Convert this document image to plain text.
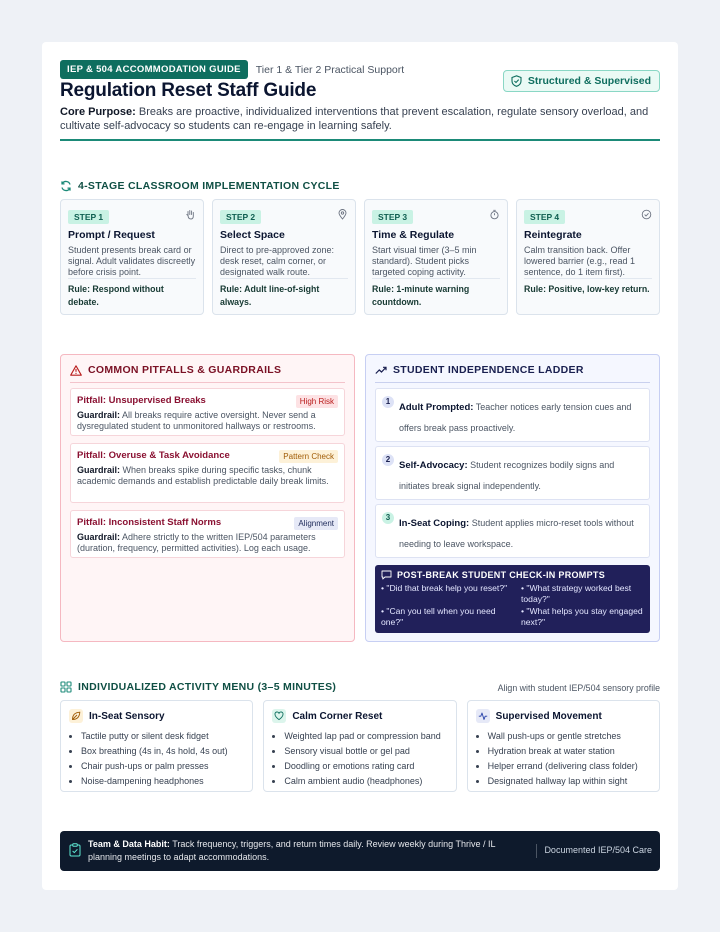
IEP & 504 ACCOMMODATION GUIDE	Tier 1 & Tier 2 Practical Support
Structured & Supervised
Regulation Reset Staff Guide
Core Purpose: Breaks are proactive, individualized interventions that prevent escalation, regulate sensory overload, and cultivate self-advocacy so students can re-engage in learning safely.
4-STAGE CLASSROOM IMPLEMENTATION CYCLE
STEP 1
Prompt / Request
Student presents break card or signal. Adult validates discreetly before crisis point.
Rule: Respond without debate.
STEP 2
Select Space
Direct to pre-approved zone: desk reset, calm corner, or designated walk route.
Rule: Adult line-of-sight always.
STEP 3
Time & Regulate
Start visual timer (3–5 min standard). Student picks targeted coping activity.
Rule: 1-minute warning countdown.
STEP 4
Reintegrate
Calm transition back. Offer lowered barrier (e.g., read 1 sentence, do 1 item first).
Rule: Positive, low-key return.
COMMON PITFALLS & GUARDRAILS
Pitfall: Unsupervised Breaks	High Risk
Guardrail: All breaks require active oversight. Never send a dysregulated student to unmonitored hallways or restrooms.
Pitfall: Overuse & Task Avoidance	Pattern Check
Guardrail: When breaks spike during specific tasks, chunk academic demands and establish predictable daily break limits.
Pitfall: Inconsistent Staff Norms	Alignment
Guardrail: Adhere strictly to the written IEP/504 parameters (duration, frequency, permitted activities). Log each usage.
STUDENT INDEPENDENCE LADDER
1
Adult Prompted: Teacher notices early tension cues and offers break pass proactively.
2
Self-Advocacy: Student recognizes bodily signs and initiates break signal independently.
3
In-Seat Coping: Student applies micro-reset tools without needing to leave workspace.
POST-BREAK STUDENT CHECK-IN PROMPTS
• "Did that break help you reset?"	• "What strategy worked best today?"
• "Can you tell when you need one?"
• "What helps you stay engaged next?"
INDIVIDUALIZED ACTIVITY MENU (3–5 MINUTES)	Align with student IEP/504 sensory profile
In-Seat Sensory
• Tactile putty or silent desk fidget
• Box breathing (4s in, 4s hold, 4s out)
• Chair push-ups or palm presses
• Noise-dampening headphones
Calm Corner Reset
• Weighted lap pad or compression band
• Sensory visual bottle or gel pad
• Doodling or emotions rating card
• Calm ambient audio (headphones)
Supervised Movement
• Wall push-ups or gentle stretches
• Hydration break at water station
• Helper errand (delivering class folder)
• Designated hallway lap within sight
Team & Data Habit: Track frequency, triggers, and return times daily. Review weekly during Thrive / IL planning meetings to adapt accommodations.
Documented IEP/504 Care
